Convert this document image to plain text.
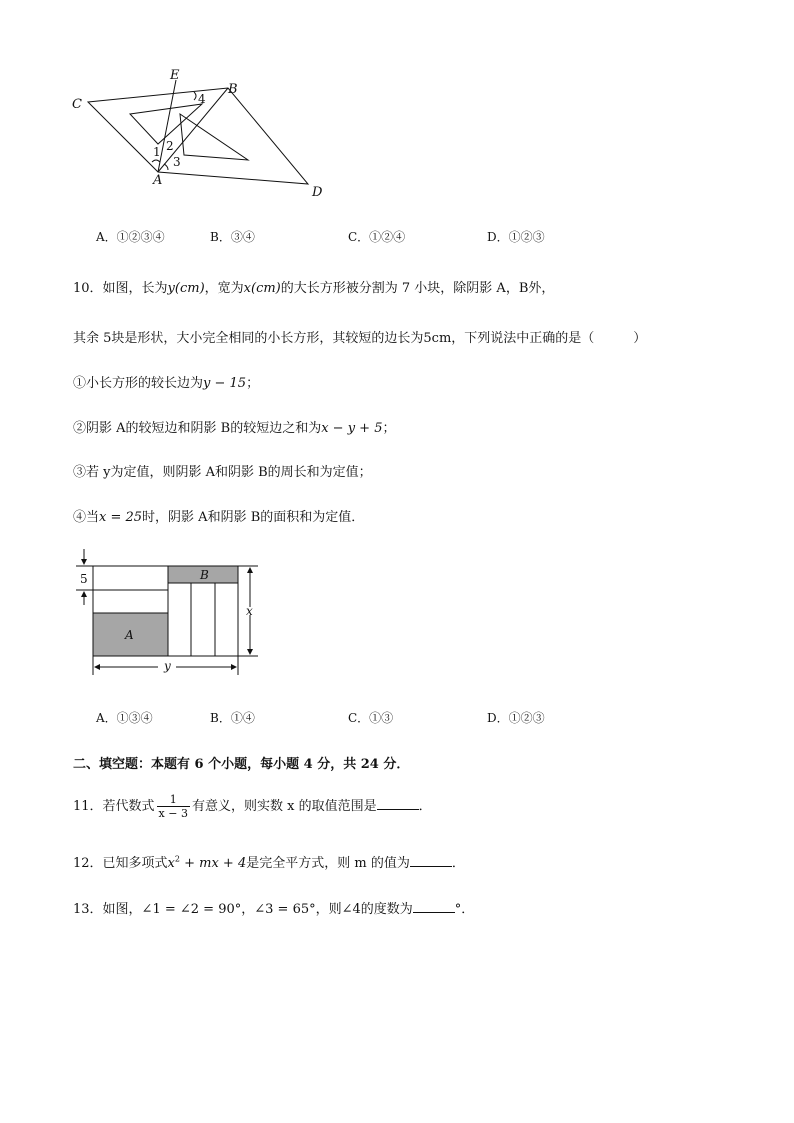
C
E
B
A
D
1 2
3
4
A．①②③④	B．③④	C．①②④	D．①②③
10．如图，长为y(cm)，宽为x(cm)的大长方形被分割为 7 小块，除阴影 A，B外，
其余 5块是形状，大小完全相同的小长方形，其较短的边长为5cm，下列说法中正确的是（　　　）
①小长方形的较长边为y − 15；
②阴影 A的较短边和阴影 B的较短边之和为x − y + 5；
③若 y为定值，则阴影 A和阴影 B的周长和为定值；
④当x = 25时，阴影 A和阴影 B的面积和为定值．
5
A
B
x
y
A．①③④	B．①④	C．①③	D．①②③
二、填空题：本题有 6 个小题，每小题 4 分，共 24 分．
11．若代数式 $\frac{1}{x - 3}$ 有意义，则实数 x 的取值范围是	．
12．已知多项式$x^2$ + mx + 4是完全平方式，则 m 的值为	．
13．如图，∠1 = ∠2 = 90°，∠3 = 65°，则∠4的度数为	°．
